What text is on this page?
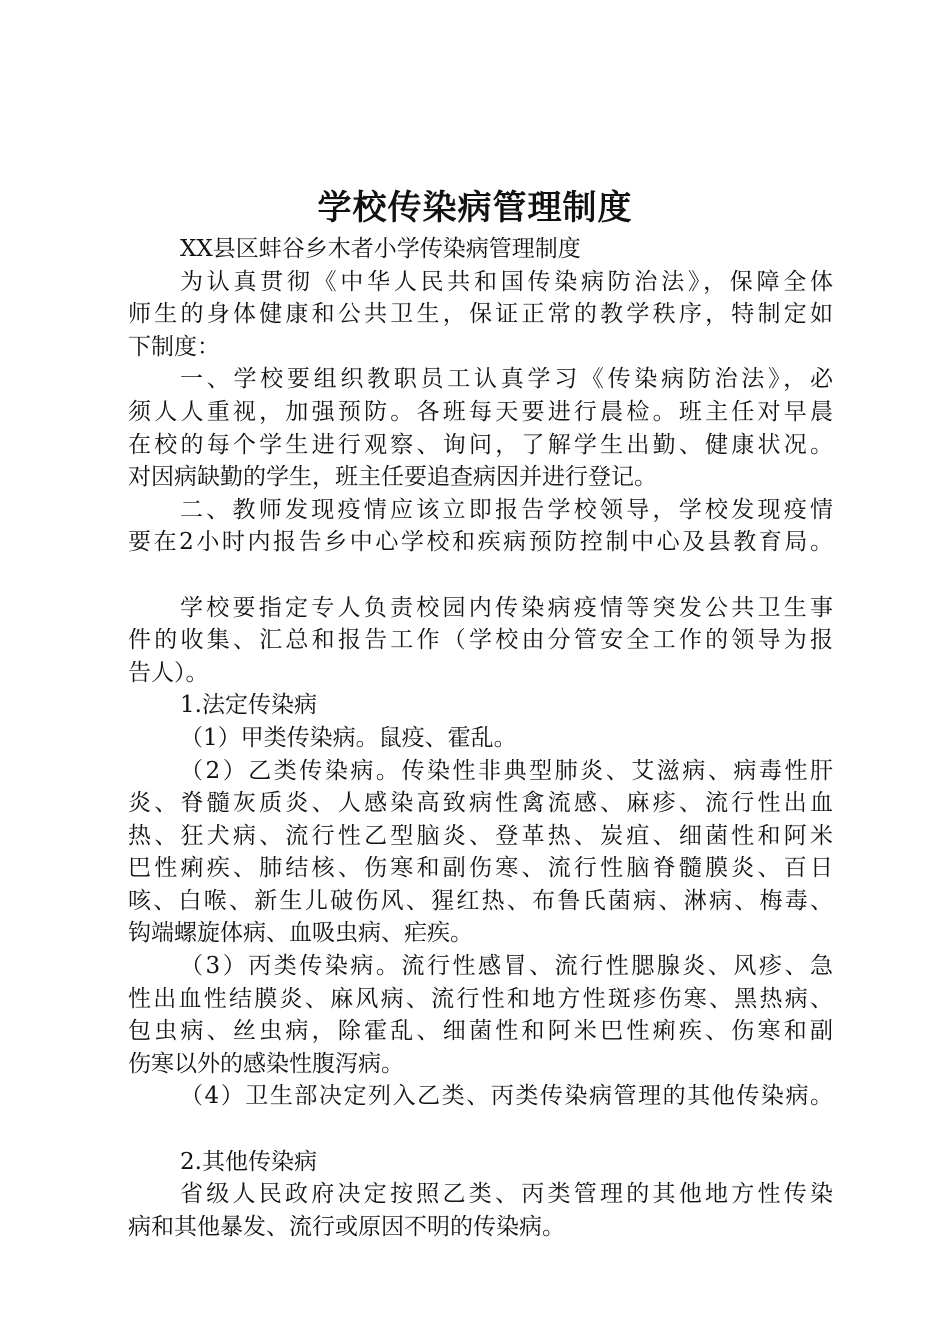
学校传染病管理制度
XX县区蚌谷乡木者小学传染病管理制度
为认真贯彻《中华人民共和国传染病防治法》，保障全体
师生的身体健康和公共卫生，保证正常的教学秩序，特制定如
下制度：
一、学校要组织教职员工认真学习《传染病防治法》，必
须人人重视，加强预防。各班每天要进行晨检。班主任对早晨
在校的每个学生进行观察、询问，了解学生出勤、健康状况。
对因病缺勤的学生，班主任要追查病因并进行登记。
二、教师发现疫情应该立即报告学校领导，学校发现疫情
要在2小时内报告乡中心学校和疾病预防控制中心及县教育局。
学校要指定专人负责校园内传染病疫情等突发公共卫生事
件的收集、汇总和报告工作（学校由分管安全工作的领导为报
告人）。
1.法定传染病
（1）甲类传染病。鼠疫、霍乱。
（2）乙类传染病。传染性非典型肺炎、艾滋病、病毒性肝
炎、脊髓灰质炎、人感染高致病性禽流感、麻疹、流行性出血
热、狂犬病、流行性乙型脑炎、登革热、炭疽、细菌性和阿米
巴性痢疾、肺结核、伤寒和副伤寒、流行性脑脊髓膜炎、百日
咳、白喉、新生儿破伤风、猩红热、布鲁氏菌病、淋病、梅毒、
钩端螺旋体病、血吸虫病、疟疾。
（3）丙类传染病。流行性感冒、流行性腮腺炎、风疹、急
性出血性结膜炎、麻风病、流行性和地方性斑疹伤寒、黑热病、
包虫病、丝虫病，除霍乱、细菌性和阿米巴性痢疾、伤寒和副
伤寒以外的感染性腹泻病。
（4）卫生部决定列入乙类、丙类传染病管理的其他传染病。
2.其他传染病
省级人民政府决定按照乙类、丙类管理的其他地方性传染
病和其他暴发、流行或原因不明的传染病。
